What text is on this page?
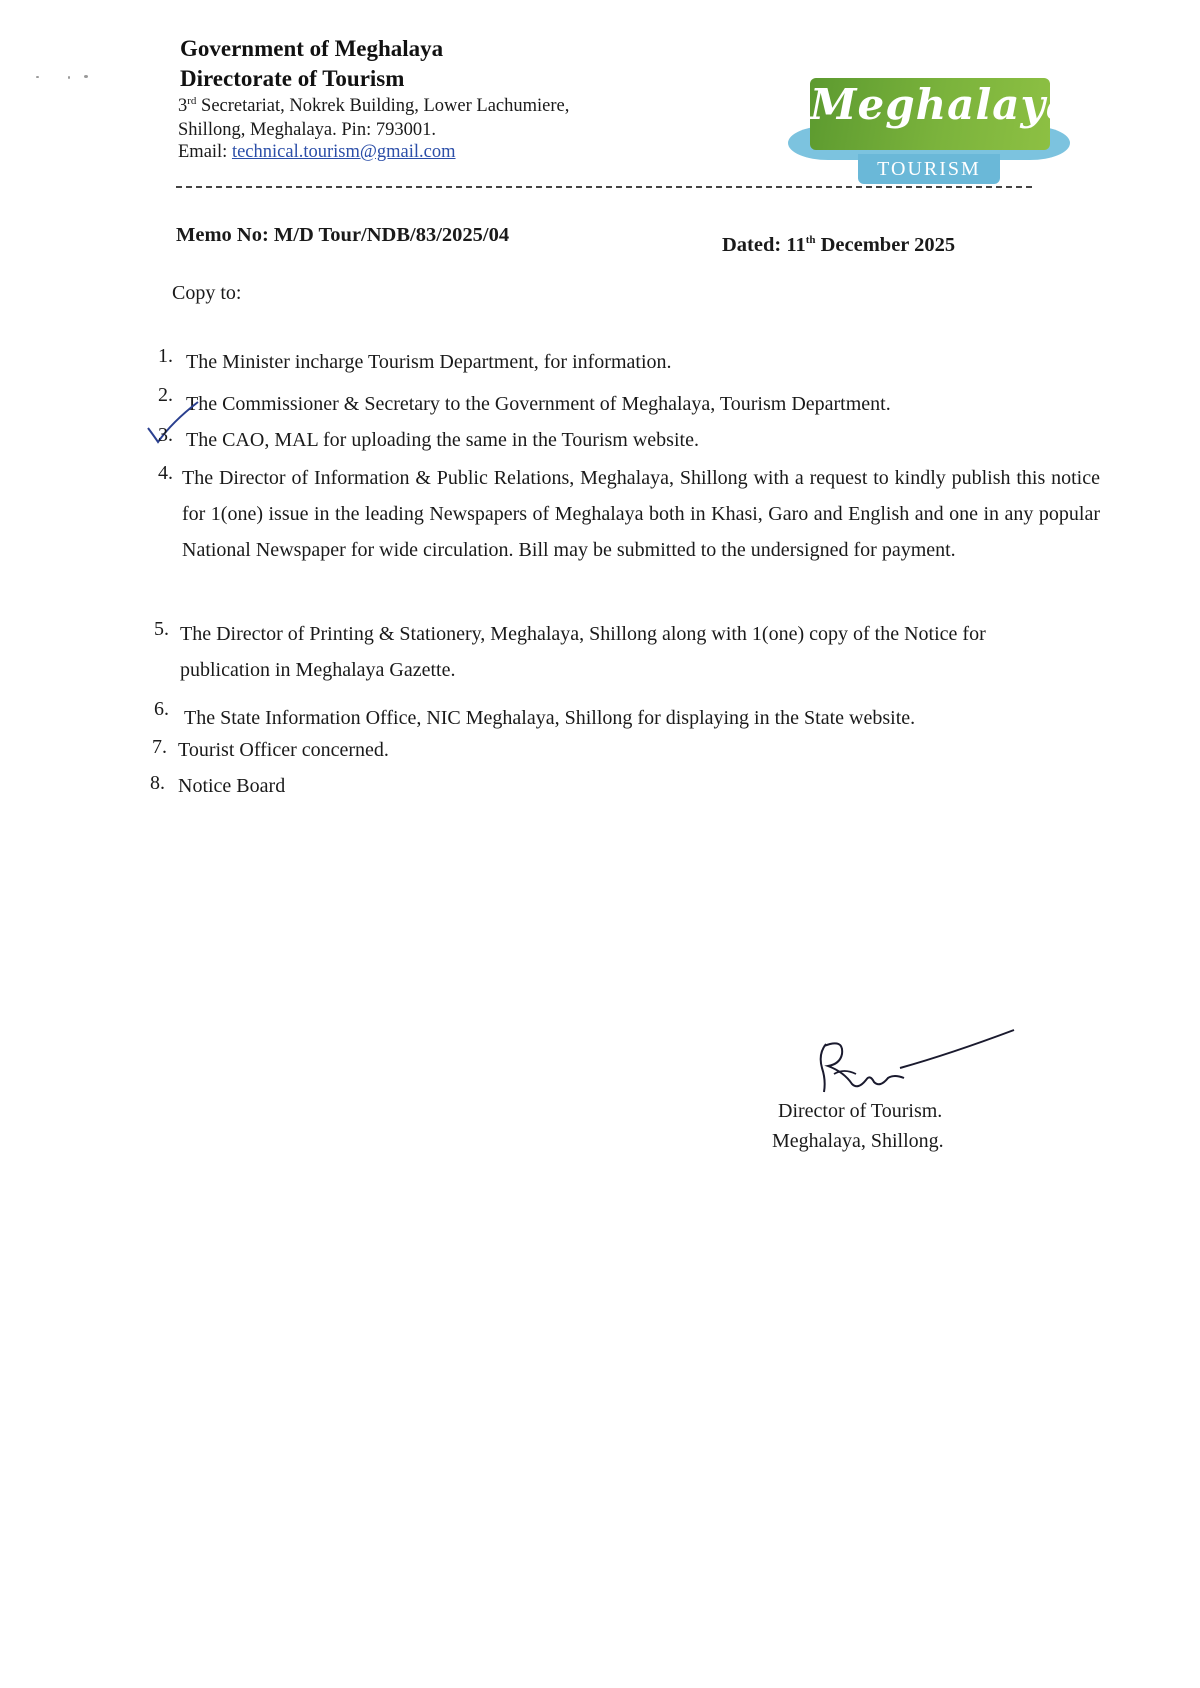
Government of Meghalaya
Directorate of Tourism
3rd Secretariat, Nokrek Building, Lower Lachumiere,
Shillong, Meghalaya. Pin: 793001.
Email: technical.tourism@gmail.com
Meghalaya
TOURISM
Memo No: M/D Tour/NDB/83/2025/04	Dated: 11th December 2025
Copy to:
1. The Minister incharge Tourism Department, for information.
2. The Commissioner & Secretary to the Government of Meghalaya, Tourism Department.
3. The CAO, MAL for uploading the same in the Tourism website.
4. The Director of Information & Public Relations, Meghalaya, Shillong with a request to kindly publish this notice for 1(one) issue in the leading Newspapers of Meghalaya both in Khasi, Garo and English and one in any popular National Newspaper for wide circulation. Bill may be submitted to the undersigned for payment.
5. The Director of Printing & Stationery, Meghalaya, Shillong along with 1(one) copy of the Notice for publication in Meghalaya Gazette.
6. The State Information Office, NIC Meghalaya, Shillong for displaying in the State website.
7. Tourist Officer concerned.
8. Notice Board
Director of Tourism.
Meghalaya, Shillong.
